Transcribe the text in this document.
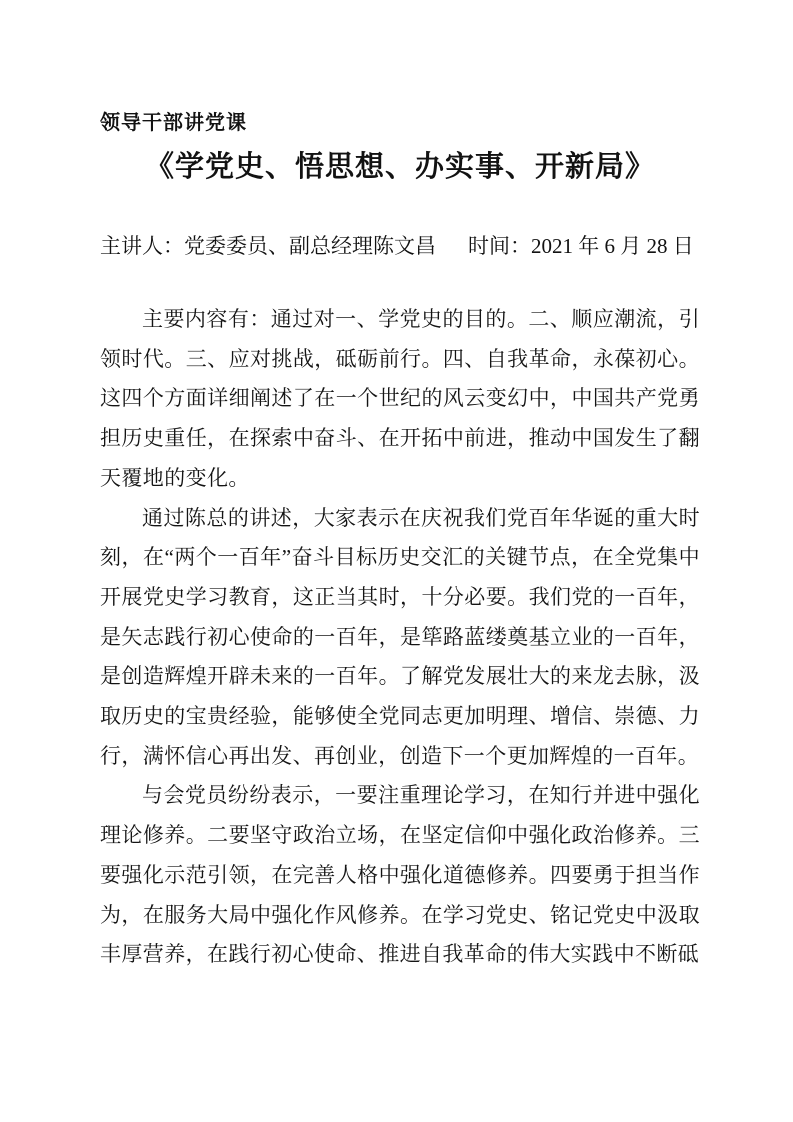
领导干部讲党课
《学党史、悟思想、办实事、开新局》
主讲人：党委委员、副总经理陈文昌 时间：2021 年 6 月 28 日

主要内容有：通过对一、学党史的目的。二、顺应潮流，引领时代。三、应对挑战，砥砺前行。四、自我革命，永葆初心。这四个方面详细阐述了在一个世纪的风云变幻中，中国共产党勇担历史重任，在探索中奋斗、在开拓中前进，推动中国发生了翻天覆地的变化。

通过陈总的讲述，大家表示在庆祝我们党百年华诞的重大时刻，在“两个一百年”奋斗目标历史交汇的关键节点，在全党集中开展党史学习教育，这正当其时，十分必要。我们党的一百年，是矢志践行初心使命的一百年，是筚路蓝缕奠基立业的一百年，是创造辉煌开辟未来的一百年。了解党发展壮大的来龙去脉，汲取历史的宝贵经验，能够使全党同志更加明理、增信、崇德、力行，满怀信心再出发、再创业，创造下一个更加辉煌的一百年。

与会党员纷纷表示，一要注重理论学习，在知行并进中强化理论修养。二要坚守政治立场，在坚定信仰中强化政治修养。三要强化示范引领，在完善人格中强化道德修养。四要勇于担当作为，在服务大局中强化作风修养。在学习党史、铭记党史中汲取丰厚营养，在践行初心使命、推进自我革命的伟大实践中不断砥
